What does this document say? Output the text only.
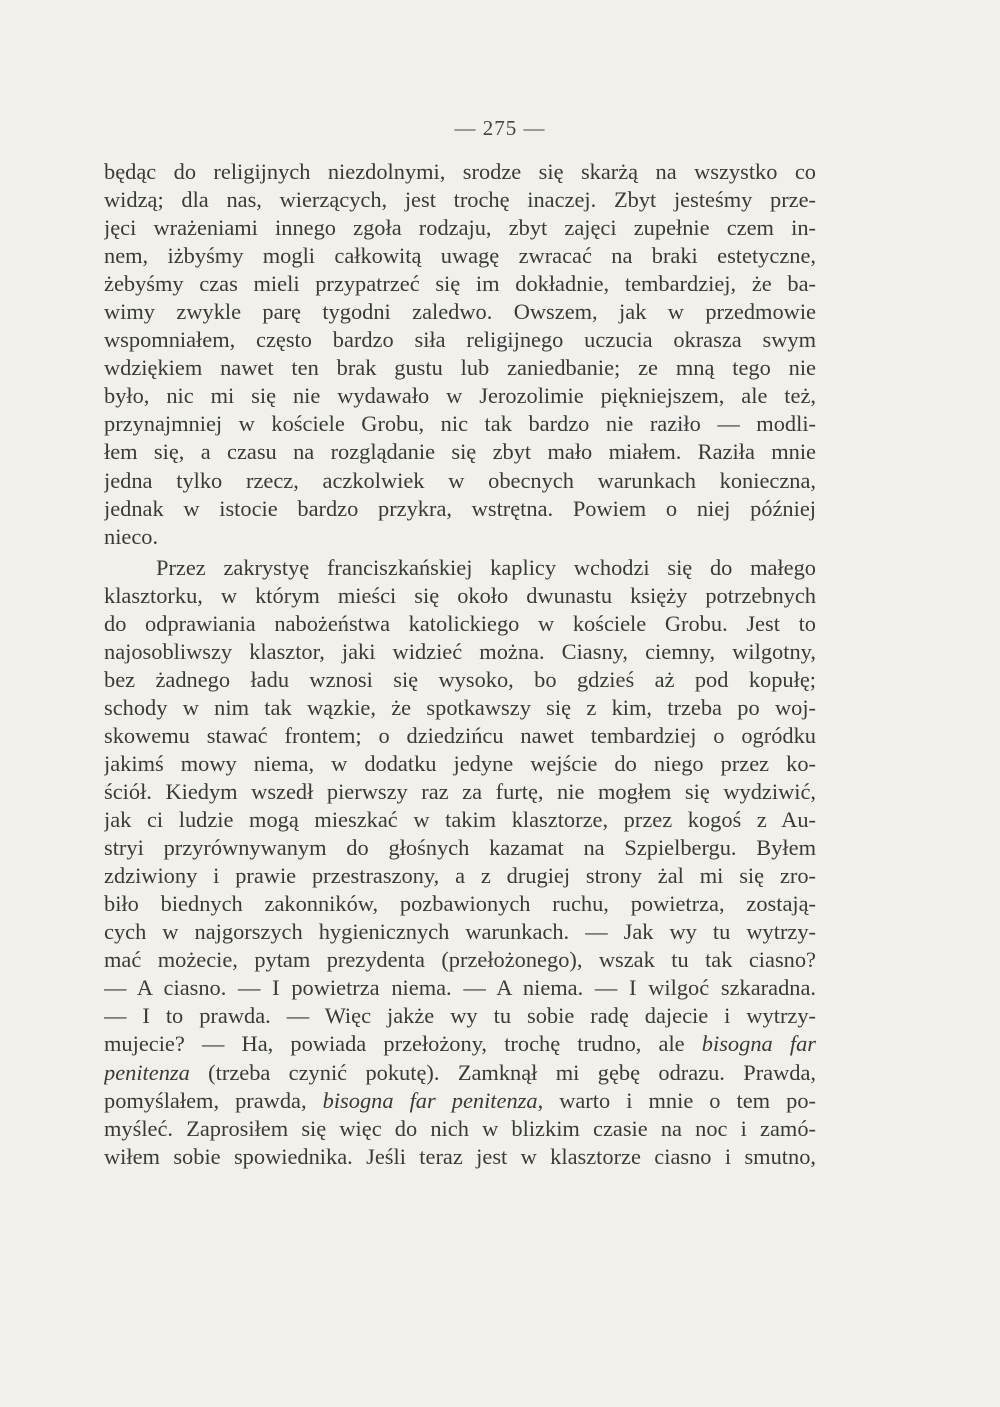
— 275 —
będąc do religijnych niezdolnymi, srodze się skarżą na wszystko co
widzą; dla nas, wierzących, jest trochę inaczej. Zbyt jesteśmy prze-
jęci wrażeniami innego zgoła rodzaju, zbyt zajęci zupełnie czem in-
nem, iżbyśmy mogli całkowitą uwagę zwracać na braki estetyczne,
żebyśmy czas mieli przypatrzeć się im dokładnie, tembardziej, że ba-
wimy zwykle parę tygodni zaledwo. Owszem, jak w przedmowie
wspomniałem, często bardzo siła religijnego uczucia okrasza swym
wdziękiem nawet ten brak gustu lub zaniedbanie; ze mną tego nie
było, nic mi się nie wydawało w Jerozolimie piękniejszem, ale też,
przynajmniej w kościele Grobu, nic tak bardzo nie raziło — modli-
łem się, a czasu na rozglądanie się zbyt mało miałem. Raziła mnie
jedna tylko rzecz, aczkolwiek w obecnych warunkach konieczna,
jednak w istocie bardzo przykra, wstrętna. Powiem o niej później
nieco.
Przez zakrystyę franciszkańskiej kaplicy wchodzi się do małego
klasztorku, w którym mieści się około dwunastu księży potrzebnych
do odprawiania nabożeństwa katolickiego w kościele Grobu. Jest to
najosobliwszy klasztor, jaki widzieć można. Ciasny, ciemny, wilgotny,
bez żadnego ładu wznosi się wysoko, bo gdzieś aż pod kopułę;
schody w nim tak wązkie, że spotkawszy się z kim, trzeba po woj-
skowemu stawać frontem; o dziedzińcu nawet tembardziej o ogródku
jakimś mowy niema, w dodatku jedyne wejście do niego przez ko-
ściół. Kiedym wszedł pierwszy raz za furtę, nie mogłem się wydziwić,
jak ci ludzie mogą mieszkać w takim klasztorze, przez kogoś z Au-
stryi przyrównywanym do głośnych kazamat na Szpielbergu. Byłem
zdziwiony i prawie przestraszony, a z drugiej strony żal mi się zro-
biło biednych zakonników, pozbawionych ruchu, powietrza, zostają-
cych w najgorszych hygienicznych warunkach. — Jak wy tu wytrzy-
mać możecie, pytam prezydenta (przełożonego), wszak tu tak ciasno?
— A ciasno. — I powietrza niema. — A niema. — I wilgoć szkaradna.
— I to prawda. — Więc jakże wy tu sobie radę dajecie i wytrzy-
mujecie? — Ha, powiada przełożony, trochę trudno, ale bisogna far
penitenza (trzeba czynić pokutę). Zamknął mi gębę odrazu. Prawda,
pomyślałem, prawda, bisogna far penitenza, warto i mnie o tem po-
myśleć. Zaprosiłem się więc do nich w blizkim czasie na noc i zamó-
wiłem sobie spowiednika. Jeśli teraz jest w klasztorze ciasno i smutno,
